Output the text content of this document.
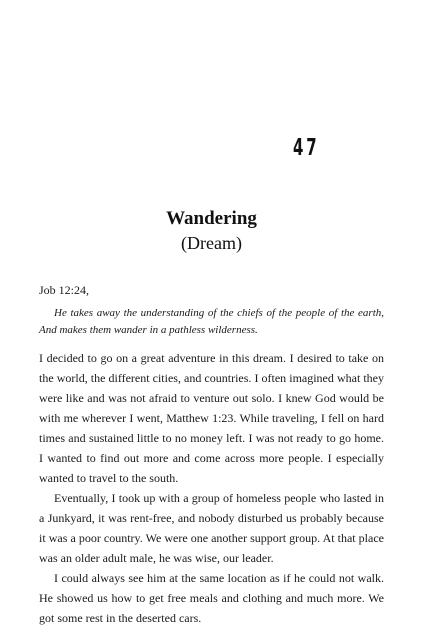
47
Wandering
(Dream)
Job 12:24,
He takes away the understanding of the chiefs of the people of the earth, And makes them wander in a pathless wilderness.

I decided to go on a great adventure in this dream. I desired to take on the world, the different cities, and countries. I often imagined what they were like and was not afraid to venture out solo. I knew God would be with me wherever I went, Matthew 1:23. While traveling, I fell on hard times and sustained little to no money left. I was not ready to go home. I wanted to find out more and come across more people. I especially wanted to travel to the south.

Eventually, I took up with a group of homeless people who lasted in a Junkyard, it was rent-free, and nobody disturbed us probably because it was a poor country. We were one another support group. At that place was an older adult male, he was wise, our leader.

I could always see him at the same location as if he could not walk. He showed us how to get free meals and clothing and much more. We got some rest in the deserted cars.
